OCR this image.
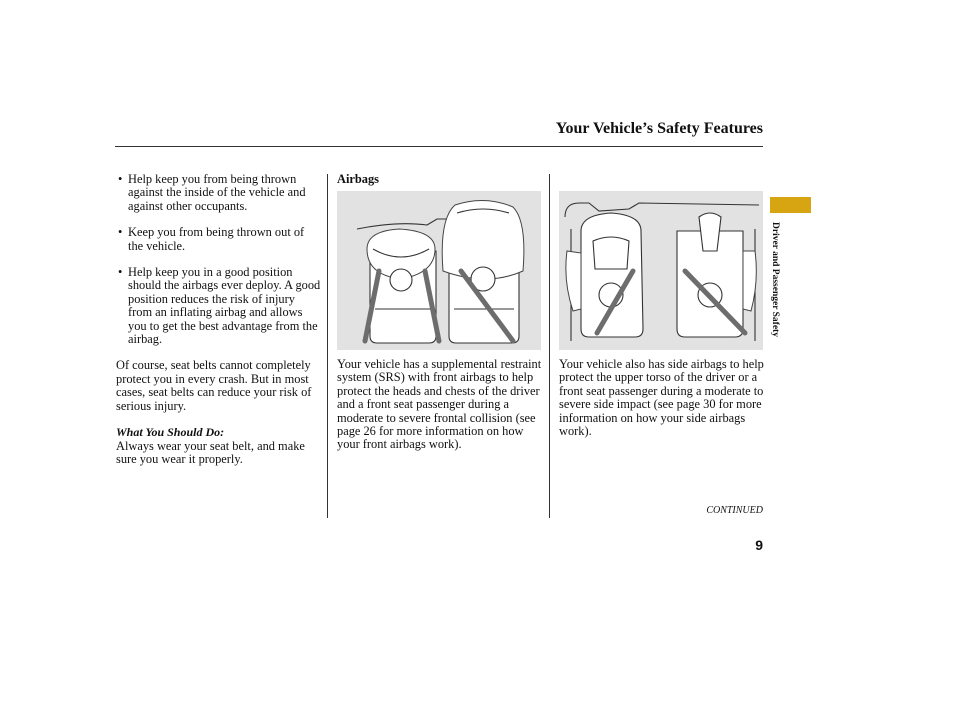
Your Vehicle’s Safety Features
• Help keep you from being thrown against the inside of the vehicle and against other occupants.
• Keep you from being thrown out of the vehicle.
• Help keep you in a good position should the airbags ever deploy. A good position reduces the risk of injury from an inflating airbag and allows you to get the best advantage from the airbag.

Of course, seat belts cannot completely protect you in every crash. But in most cases, seat belts can reduce your risk of serious injury.

What You Should Do:

Always wear your seat belt, and make sure you wear it properly.

Airbags

Your vehicle has a supplemental restraint system (SRS) with front airbags to help protect the heads and chests of the driver and a front seat passenger during a moderate to severe frontal collision (see page 26 for more information on how your front airbags work).

Your vehicle also has side airbags to help protect the upper torso of the driver or a front seat passenger during a moderate to severe side impact (see page 30 for more information on how your side airbags work).

Driver and Passenger Safety
CONTINUED
9
